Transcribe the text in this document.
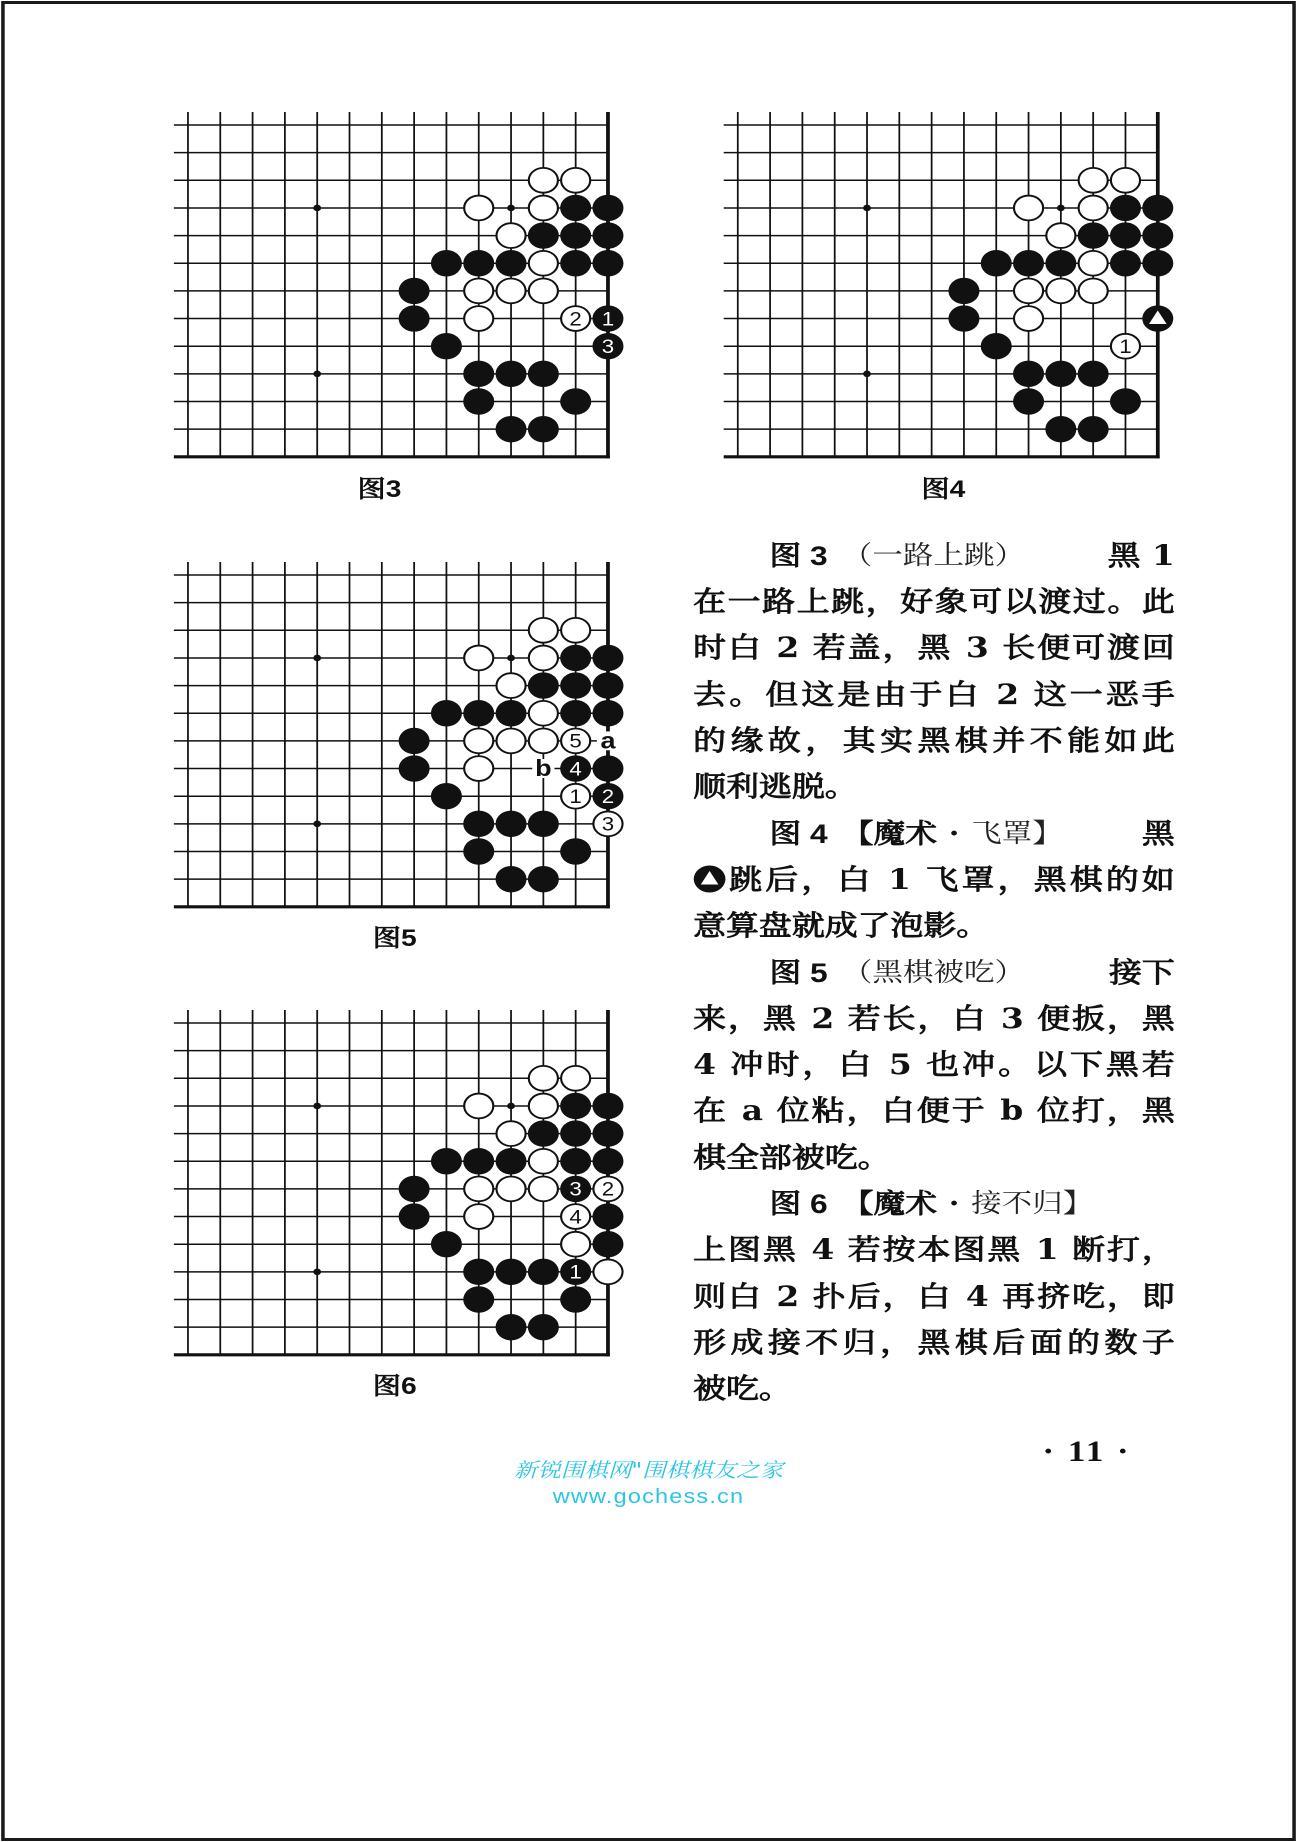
2 1
3
图3
1
图4
5 a
b 4
1 2
3
图5
3 2
4
1
图6
图 3 （一路上跳）	黑 1
在一路上跳，好象可以渡过。此
时白 2 若盖，黑 3 长便可渡回
去。但这是由于白 2 这一恶手
的缘故，其实黑棋并不能如此
顺利逃脱。
图 4 【魔术 · 飞罩】	黑
跳后，白 1 飞罩，黑棋的如
意算盘就成了泡影。
图 5 （黑棋被吃）	接下
来，黑 2 若长，白 3 便扳，黑
4 冲时，白 5 也冲。以下黑若
在 a 位粘，白便于 b 位打，黑
棋全部被吃。
图 6 【魔术 · 接不归】
上图黑 4 若按本图黑 1 断打，
则白 2 扑后，白 4 再挤吃，即
形成接不归，黑棋后面的数子
被吃。
· 11 ·
新锐围棋网"围棋棋友之家
www.gochess.cn
